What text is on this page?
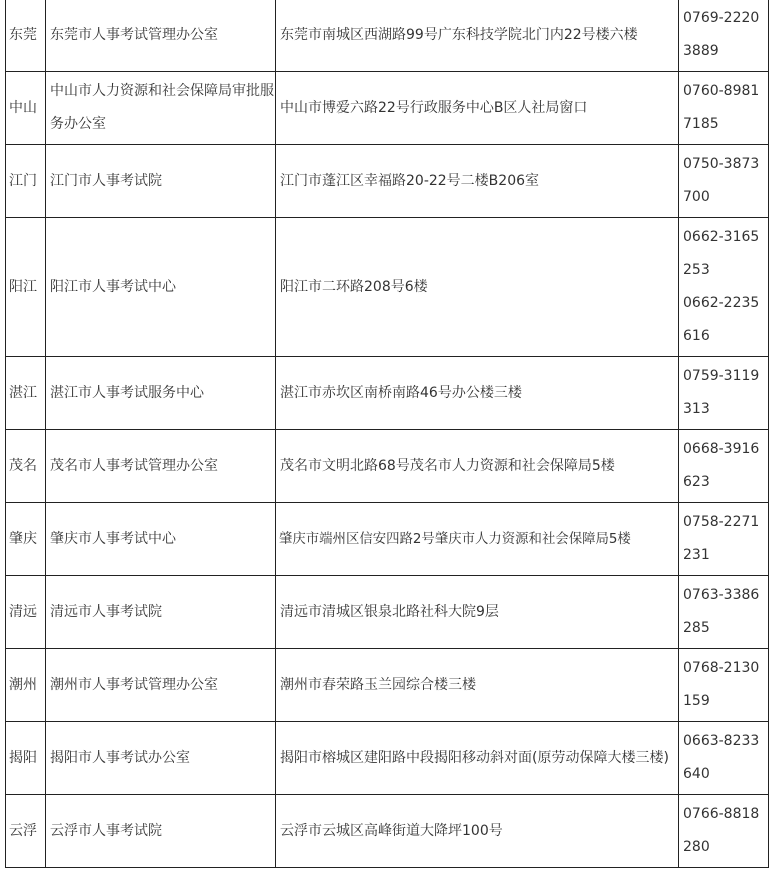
东莞	东莞市人事考试管理办公室	东莞市南城区西湖路99号广东科技学院北门内22号楼六楼	0769-2220
3889
中山	中山市人力资源和社会保障局审批服务办公室	中山市博爱六路22号行政服务中心B区人社局窗口	0760-8981
7185
江门	江门市人事考试院	江门市蓬江区幸福路20-22号二楼B206室	0750-3873
700
阳江	阳江市人事考试中心	阳江市二环路208号6楼	0662-3165
253
0662-2235
616
湛江	湛江市人事考试服务中心	湛江市赤坎区南桥南路46号办公楼三楼	0759-3119
313
茂名	茂名市人事考试管理办公室	茂名市文明北路68号茂名市人力资源和社会保障局5楼	0668-3916
623
肇庆	肇庆市人事考试中心	肇庆市端州区信安四路2号肇庆市人力资源和社会保障局5楼	0758-2271
231
清远	清远市人事考试院	清远市清城区银泉北路社科大院9层	0763-3386
285
潮州	潮州市人事考试管理办公室	潮州市春荣路玉兰园综合楼三楼	0768-2130
159
揭阳	揭阳市人事考试办公室	揭阳市榕城区建阳路中段揭阳移动斜对面(原劳动保障大楼三楼)	0663-8233
640
云浮	云浮市人事考试院	云浮市云城区高峰街道大降坪100号	0766-8818
280
